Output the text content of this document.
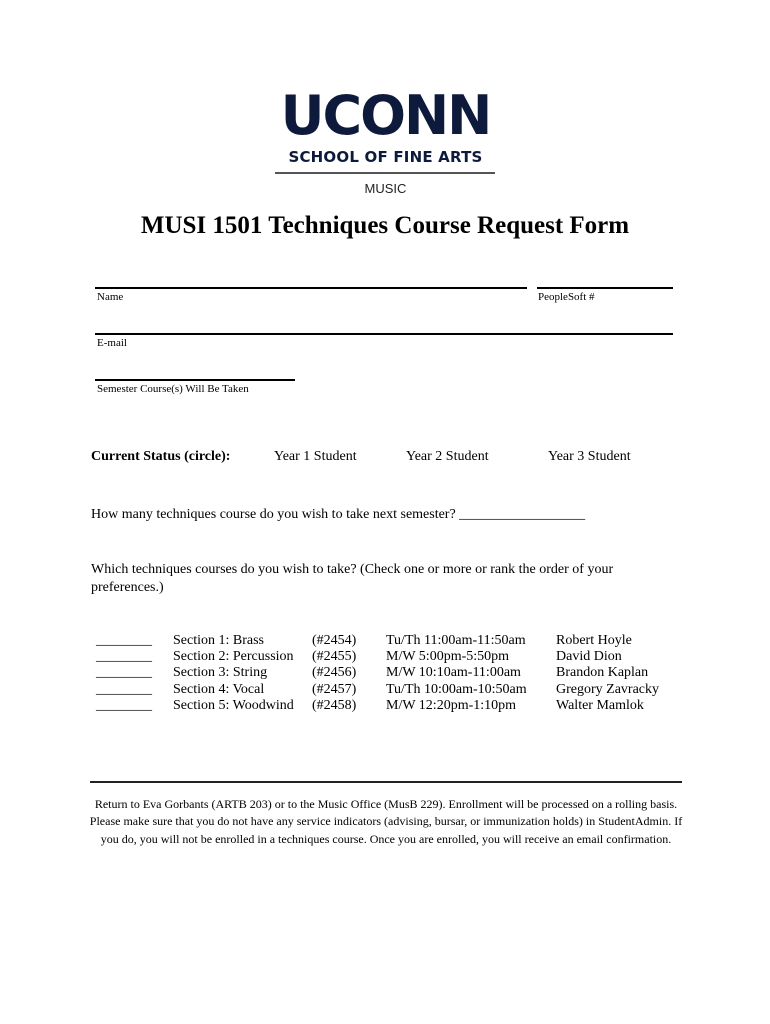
UCONN
SCHOOL OF FINE ARTS
MUSIC
MUSI 1501 Techniques Course Request Form
Name	PeopleSoft #
E-mail
Semester Course(s) Will Be Taken
Current Status (circle):	Year 1 Student	Year 2 Student	Year 3 Student
How many techniques course do you wish to take next semester? __________________
Which techniques courses do you wish to take? (Check one or more or rank the order of your preferences.)
________ Section 1: Brass	(#2454) Tu/Th 11:00am-11:50am Robert Hoyle
________ Section 2: Percussion (#2455) M/W 5:00pm-5:50pm	David Dion
________ Section 3: String	(#2456) M/W 10:10am-11:00am	Brandon Kaplan
________ Section 4: Vocal	(#2457) Tu/Th 10:00am-10:50am Gregory Zavracky
________ Section 5: Woodwind (#2458) M/W 12:20pm-1:10pm	Walter Mamlok
Return to Eva Gorbants (ARTB 203) or to the Music Office (MusB 229). Enrollment will be processed on a rolling basis. Please make sure that you do not have any service indicators (advising, bursar, or immunization holds) in StudentAdmin. If you do, you will not be enrolled in a techniques course. Once you are enrolled, you will receive an email confirmation.
